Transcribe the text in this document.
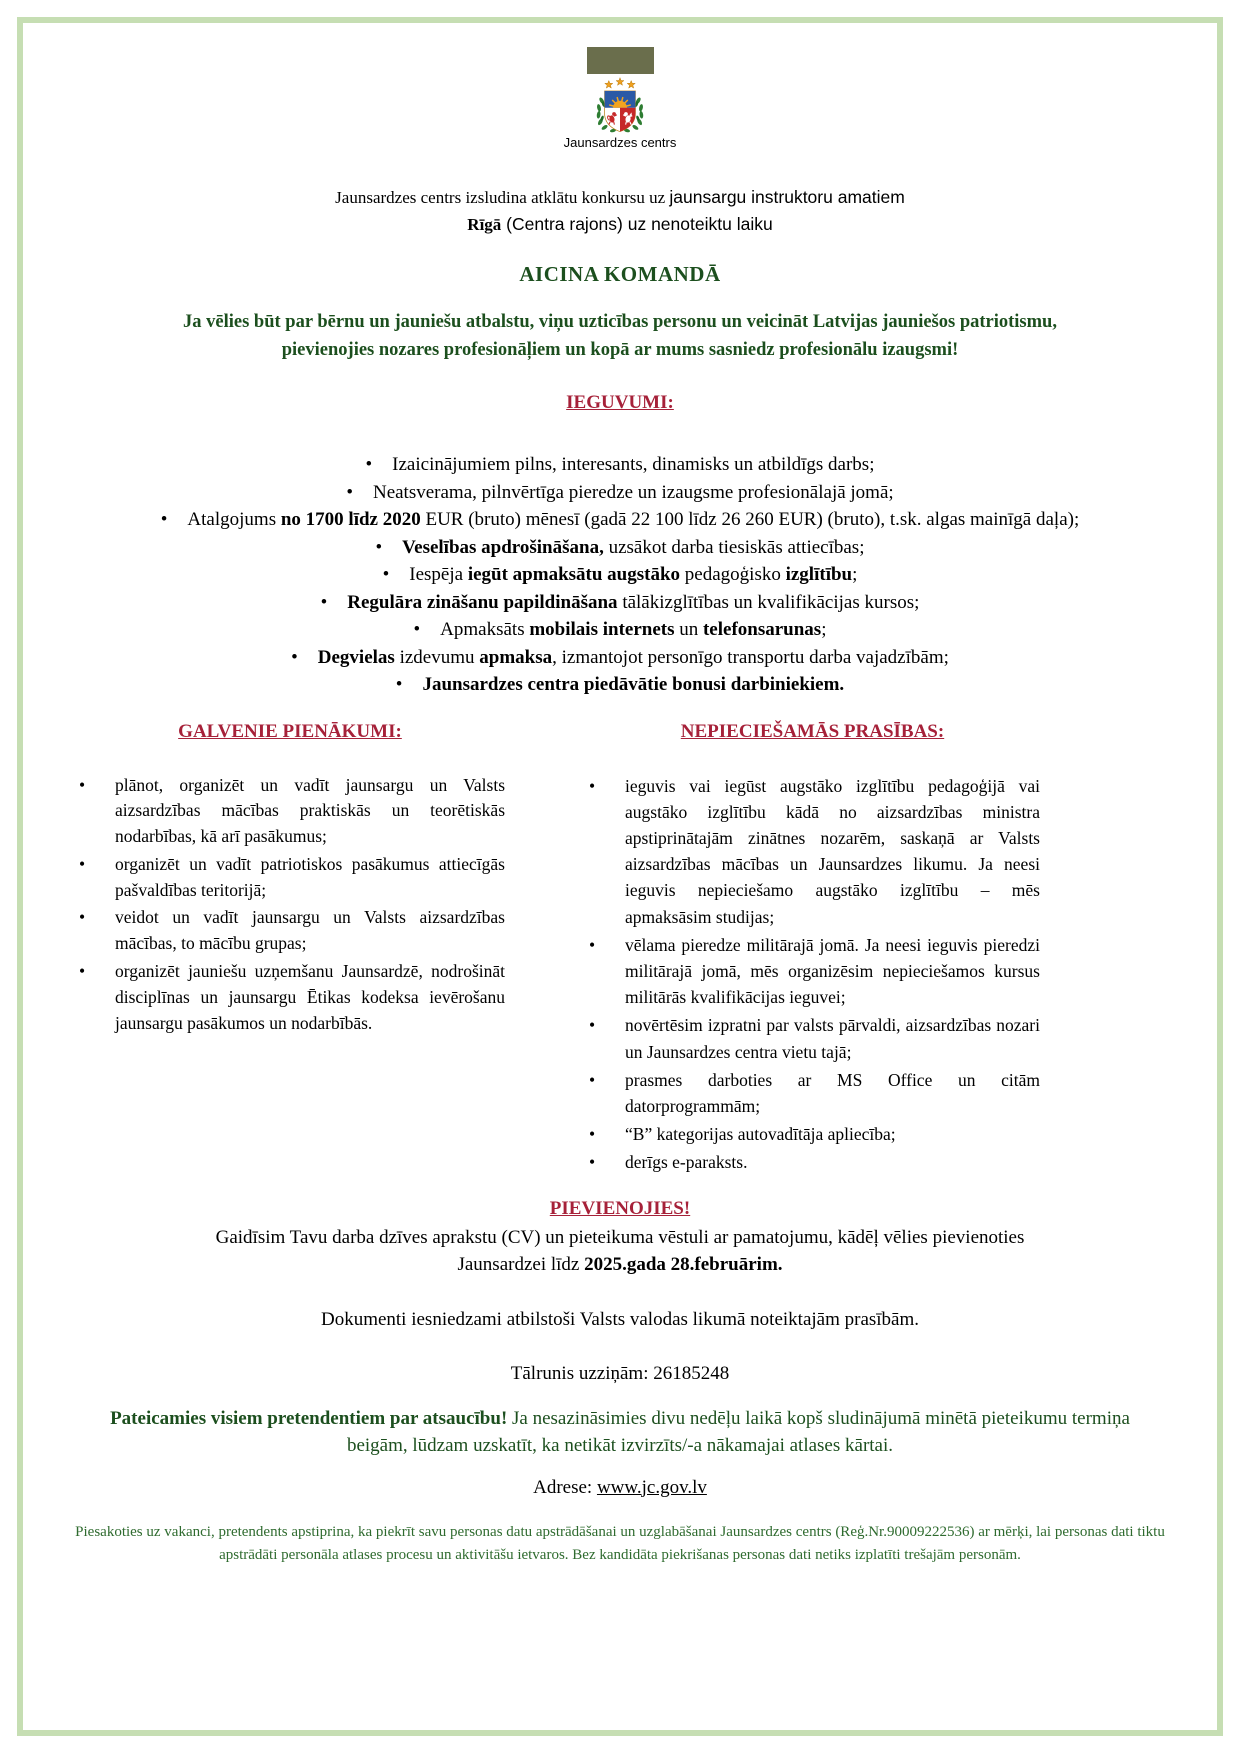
Jaunsardzes centrs
Jaunsardzes centrs izsludina atklātu konkursu uz jaunsargu instruktoru amatiem
Rīgā (Centra rajons) uz nenoteiktu laiku
AICINA KOMANDĀ
Ja vēlies būt par bērnu un jauniešu atbalstu, viņu uzticības personu un veicināt Latvijas jauniešos patriotismu, pievienojies nozares profesionāļiem un kopā ar mums sasniedz profesionālu izaugsmi!
IEGUVUMI:
• Izaicinājumiem pilns, interesants, dinamisks un atbildīgs darbs;
• Neatsverama, pilnvērtīga pieredze un izaugsme profesionālajā jomā;
• Atalgojums no 1700 līdz 2020 EUR (bruto) mēnesī (gadā 22 100 līdz 26 260 EUR) (bruto), t.sk. algas mainīgā daļa);
• Veselības apdrošināšana, uzsākot darba tiesiskās attiecības;
• Iespēja iegūt apmaksātu augstāko pedagoģisko izglītību;
• Regulāra zināšanu papildināšana tālākizglītības un kvalifikācijas kursos;
• Apmaksāts mobilais internets un telefonsarunas;
• Degvielas izdevumu apmaksa, izmantojot personīgo transportu darba vajadzībām;
• Jaunsardzes centra piedāvātie bonusi darbiniekiem.
GALVENIE PIENĀKUMI:
•	plānot, organizēt un vadīt jaunsargu un Valsts aizsardzības mācības praktiskās un teorētiskās nodarbības, kā arī pasākumus;
•	organizēt un vadīt patriotiskos pasākumus attiecīgās pašvaldības teritorijā;
•	veidot un vadīt jaunsargu un Valsts aizsardzības mācības, to mācību grupas;
•	organizēt jauniešu uzņemšanu Jaunsardzē, nodrošināt disciplīnas un jaunsargu Ētikas kodeksa ievērošanu jaunsargu pasākumos un nodarbībās.
NEPIECIEŠAMĀS PRASĪBAS:
•	ieguvis vai iegūst augstāko izglītību pedagoģijā vai augstāko izglītību kādā no aizsardzības ministra apstiprinātajām zinātnes nozarēm, saskaņā ar Valsts aizsardzības mācības un Jaunsardzes likumu. Ja neesi ieguvis nepieciešamo augstāko izglītību – mēs apmaksāsim studijas;
•	vēlama pieredze militārajā jomā. Ja neesi ieguvis pieredzi militārajā jomā, mēs organizēsim nepieciešamos kursus militārās kvalifikācijas ieguvei;
•	novērtēsim izpratni par valsts pārvaldi, aizsardzības nozari un Jaunsardzes centra vietu tajā;
•	prasmes darboties ar MS Office un citām datorprogrammām;
•	“B” kategorijas autovadītāja apliecība;
•	derīgs e-paraksts.
PIEVIENOJIES!
Gaidīsim Tavu darba dzīves aprakstu (CV) un pieteikuma vēstuli ar pamatojumu, kādēļ vēlies pievienoties Jaunsardzei līdz 2025.gada 28.februārim.
Dokumenti iesniedzami atbilstoši Valsts valodas likumā noteiktajām prasībām.
Tālrunis uzziņām: 26185248
Pateicamies visiem pretendentiem par atsaucību! Ja nesazināsimies divu nedēļu laikā kopš sludinājumā minētā pieteikumu termiņa beigām, lūdzam uzskatīt, ka netikāt izvirzīts/-a nākamajai atlases kārtai.
Adrese: www.jc.gov.lv
Piesakoties uz vakanci, pretendents apstiprina, ka piekrīt savu personas datu apstrādāšanai un uzglabāšanai Jaunsardzes centrs (Reģ.Nr.90009222536) ar mērķi, lai personas dati tiktu apstrādāti personāla atlases procesu un aktivitāšu ietvaros. Bez kandidāta piekrišanas personas dati netiks izplatīti trešajām personām.
